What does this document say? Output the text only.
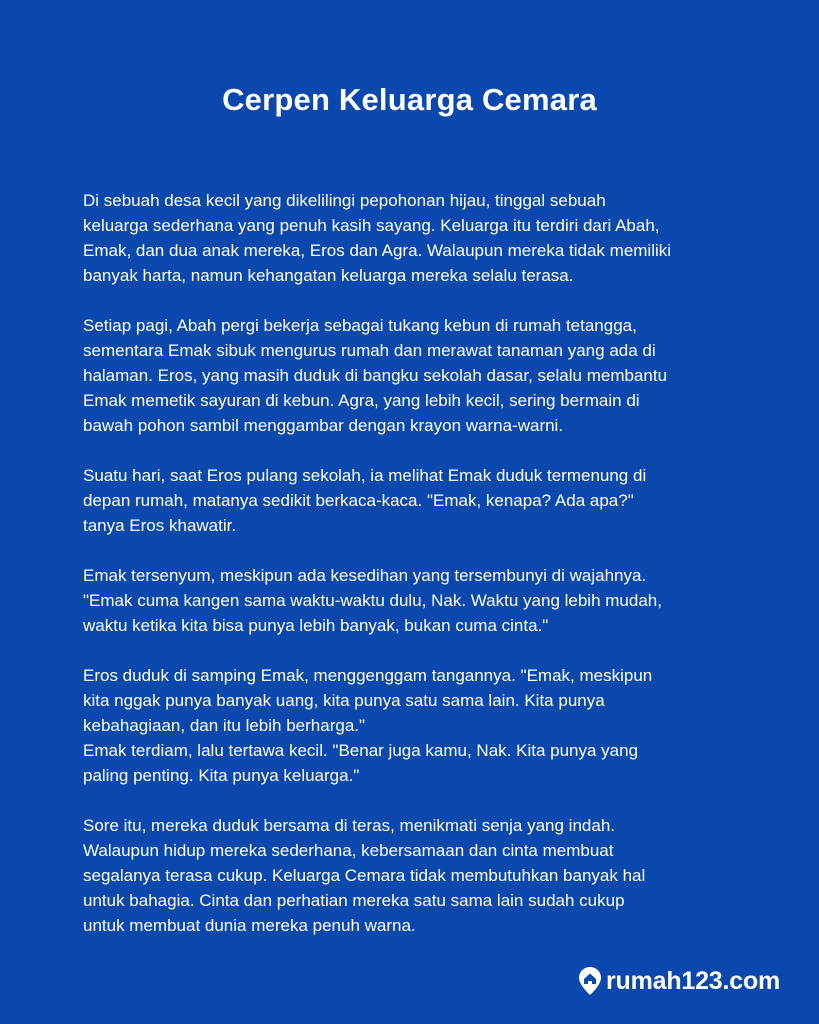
Cerpen Keluarga Cemara
Di sebuah desa kecil yang dikelilingi pepohonan hijau, tinggal sebuah
keluarga sederhana yang penuh kasih sayang. Keluarga itu terdiri dari Abah,
Emak, dan dua anak mereka, Eros dan Agra. Walaupun mereka tidak memiliki
banyak harta, namun kehangatan keluarga mereka selalu terasa.
Setiap pagi, Abah pergi bekerja sebagai tukang kebun di rumah tetangga,
sementara Emak sibuk mengurus rumah dan merawat tanaman yang ada di
halaman. Eros, yang masih duduk di bangku sekolah dasar, selalu membantu
Emak memetik sayuran di kebun. Agra, yang lebih kecil, sering bermain di
bawah pohon sambil menggambar dengan krayon warna-warni.
Suatu hari, saat Eros pulang sekolah, ia melihat Emak duduk termenung di
depan rumah, matanya sedikit berkaca-kaca. "Emak, kenapa? Ada apa?"
tanya Eros khawatir.
Emak tersenyum, meskipun ada kesedihan yang tersembunyi di wajahnya.
"Emak cuma kangen sama waktu-waktu dulu, Nak. Waktu yang lebih mudah,
waktu ketika kita bisa punya lebih banyak, bukan cuma cinta."
Eros duduk di samping Emak, menggenggam tangannya. "Emak, meskipun
kita nggak punya banyak uang, kita punya satu sama lain. Kita punya
kebahagiaan, dan itu lebih berharga."
Emak terdiam, lalu tertawa kecil. "Benar juga kamu, Nak. Kita punya yang
paling penting. Kita punya keluarga."
Sore itu, mereka duduk bersama di teras, menikmati senja yang indah.
Walaupun hidup mereka sederhana, kebersamaan dan cinta membuat
segalanya terasa cukup. Keluarga Cemara tidak membutuhkan banyak hal
untuk bahagia. Cinta dan perhatian mereka satu sama lain sudah cukup
untuk membuat dunia mereka penuh warna.
rumah123.com
